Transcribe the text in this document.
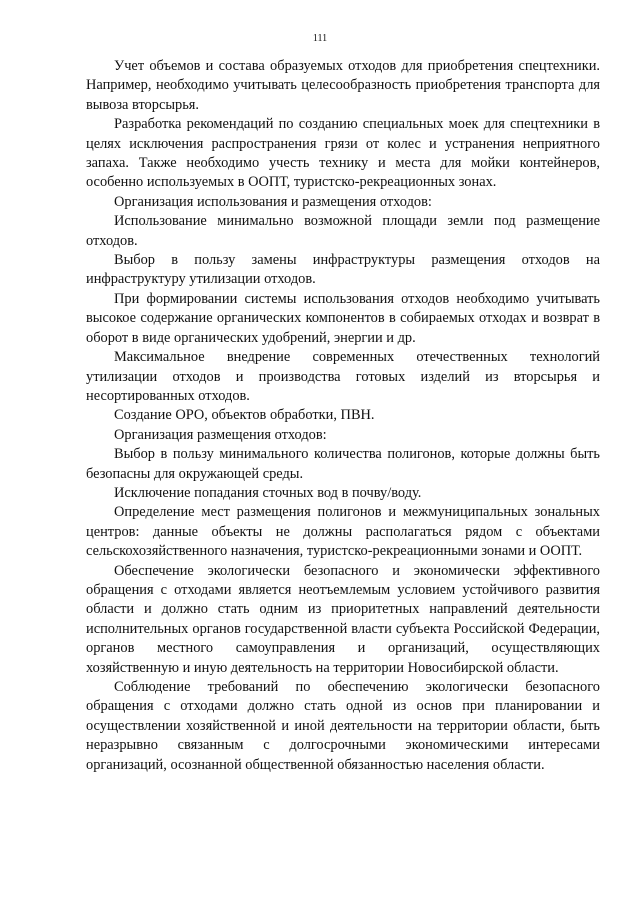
111

Учет объемов и состава образуемых отходов для приобретения спецтехники. Например, необходимо учитывать целесообразность приобретения транспорта для вывоза вторсырья.

Разработка рекомендаций по созданию специальных моек для спецтехники в целях исключения распространения грязи от колес и устранения неприятного запаха. Также необходимо учесть технику и места для мойки контейнеров, особенно используемых в ООПТ, туристско-рекреационных зонах.

Организация использования и размещения отходов:

Использование минимально возможной площади земли под размещение отходов.

Выбор в пользу замены инфраструктуры размещения отходов на инфраструктуру утилизации отходов.

При формировании системы использования отходов необходимо учитывать высокое содержание органических компонентов в собираемых отходах и возврат в оборот в виде органических удобрений, энергии и др.

Максимальное внедрение современных отечественных технологий утилизации отходов и производства готовых изделий из вторсырья и несортированных отходов.

Создание ОРО, объектов обработки, ПВН.

Организация размещения отходов:

Выбор в пользу минимального количества полигонов, которые должны быть безопасны для окружающей среды.

Исключение попадания сточных вод в почву/воду.

Определение мест размещения полигонов и межмуниципальных зональных центров: данные объекты не должны располагаться рядом с объектами сельскохозяйственного назначения, туристско-рекреационными зонами и ООПТ.

Обеспечение экологически безопасного и экономически эффективного обращения с отходами является неотъемлемым условием устойчивого развития области и должно стать одним из приоритетных направлений деятельности исполнительных органов государственной власти субъекта Российской Федерации, органов местного самоуправления и организаций, осуществляющих хозяйственную и иную деятельность на территории Новосибирской области.

Соблюдение требований по обеспечению экологически безопасного обращения с отходами должно стать одной из основ при планировании и осуществлении хозяйственной и иной деятельности на территории области, быть неразрывно связанным с долгосрочными экономическими интересами организаций, осознанной общественной обязанностью населения области.
